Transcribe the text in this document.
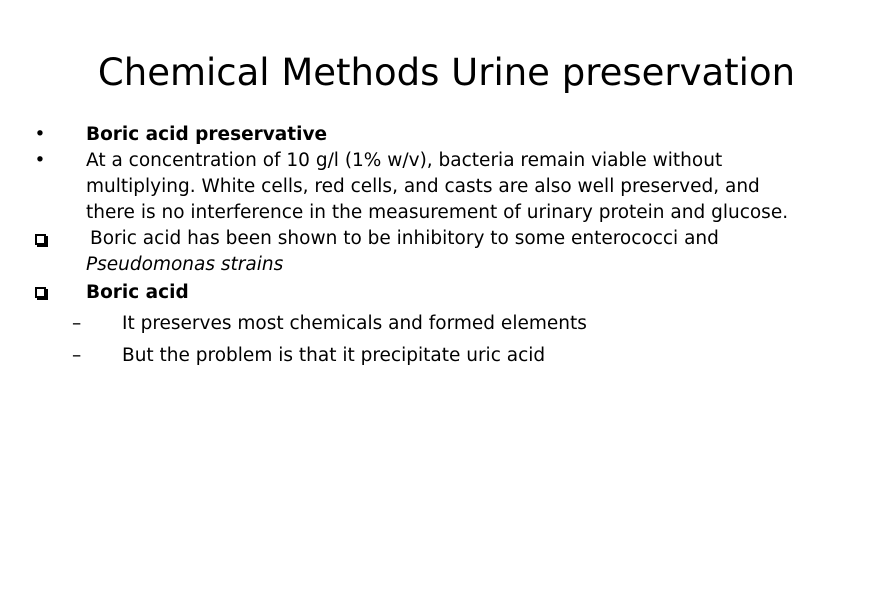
Chemical Methods Urine preservation
• Boric acid preservative
• At a concentration of 10 g/l (1% w/v), bacteria remain viable without
multiplying. White cells, red cells, and casts are also well preserved, and
there is no interference in the measurement of urinary protein and glucose.
Boric acid has been shown to be inhibitory to some enterococci and
Pseudomonas strains
Boric acid
– It preserves most chemicals and formed elements
– But the problem is that it precipitate uric acid
